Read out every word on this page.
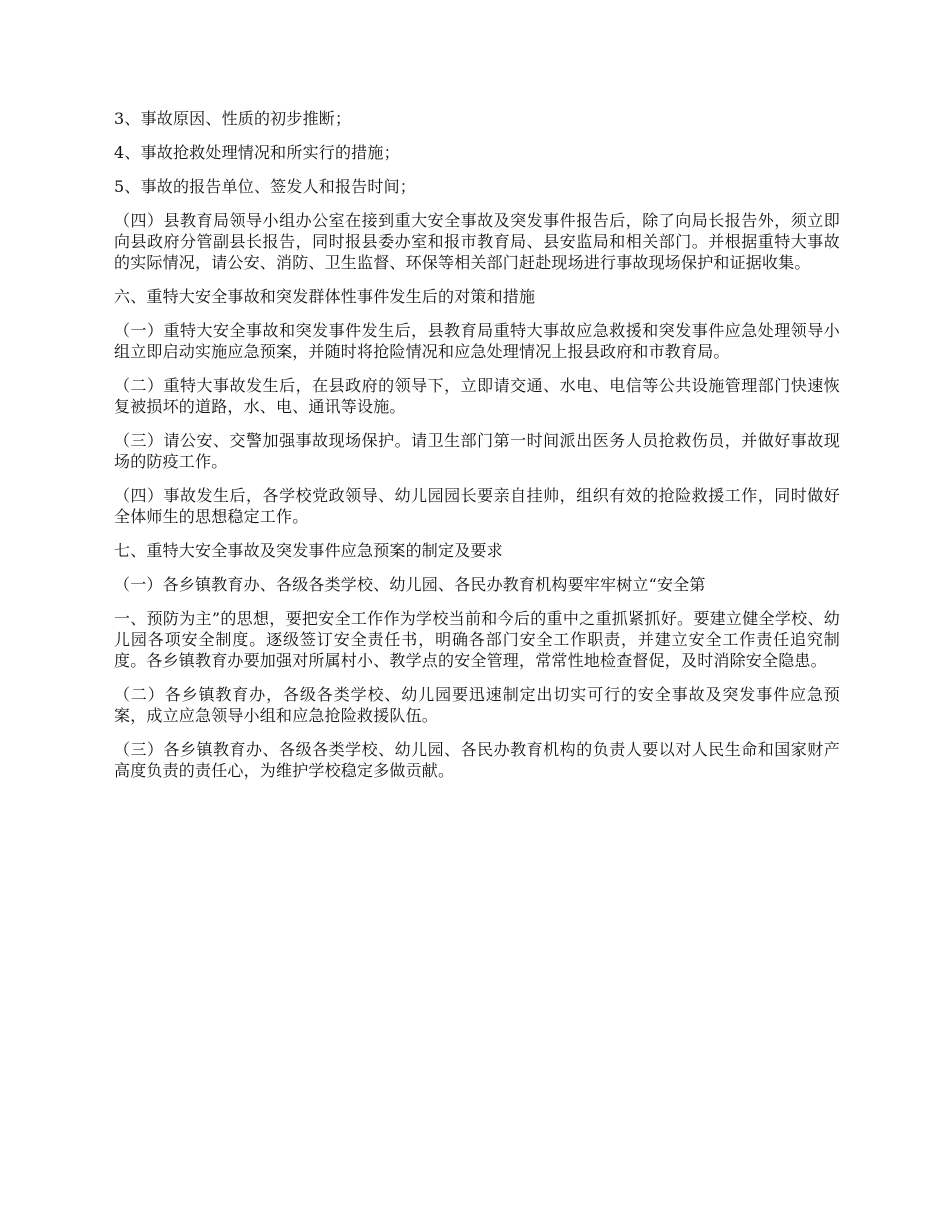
3、事故原因、性质的初步推断；

4、事故抢救处理情况和所实行的措施；

5、事故的报告单位、签发人和报告时间；

（四）县教育局领导小组办公室在接到重大安全事故及突发事件报告后，除了向局长报告外，须立即向县政府分管副县长报告，同时报县委办室和报市教育局、县安监局和相关部门。并根据重特大事故的实际情况，请公安、消防、卫生监督、环保等相关部门赶赴现场进行事故现场保护和证据收集。

六、重特大安全事故和突发群体性事件发生后的对策和措施

（一）重特大安全事故和突发事件发生后，县教育局重特大事故应急救援和突发事件应急处理领导小组立即启动实施应急预案，并随时将抢险情况和应急处理情况上报县政府和市教育局。

（二）重特大事故发生后，在县政府的领导下，立即请交通、水电、电信等公共设施管理部门快速恢复被损坏的道路，水、电、通讯等设施。

（三）请公安、交警加强事故现场保护。请卫生部门第一时间派出医务人员抢救伤员，并做好事故现场的防疫工作。

（四）事故发生后，各学校党政领导、幼儿园园长要亲自挂帅，组织有效的抢险救援工作，同时做好全体师生的思想稳定工作。

七、重特大安全事故及突发事件应急预案的制定及要求

（一）各乡镇教育办、各级各类学校、幼儿园、各民办教育机构要牢牢树立“安全第

一、预防为主”的思想，要把安全工作作为学校当前和今后的重中之重抓紧抓好。要建立健全学校、幼儿园各项安全制度。逐级签订安全责任书，明确各部门安全工作职责，并建立安全工作责任追究制度。各乡镇教育办要加强对所属村小、教学点的安全管理，常常性地检查督促，及时消除安全隐患。

（二）各乡镇教育办，各级各类学校、幼儿园要迅速制定出切实可行的安全事故及突发事件应急预案，成立应急领导小组和应急抢险救援队伍。

（三）各乡镇教育办、各级各类学校、幼儿园、各民办教育机构的负责人要以对人民生命和国家财产高度负责的责任心，为维护学校稳定多做贡献。
